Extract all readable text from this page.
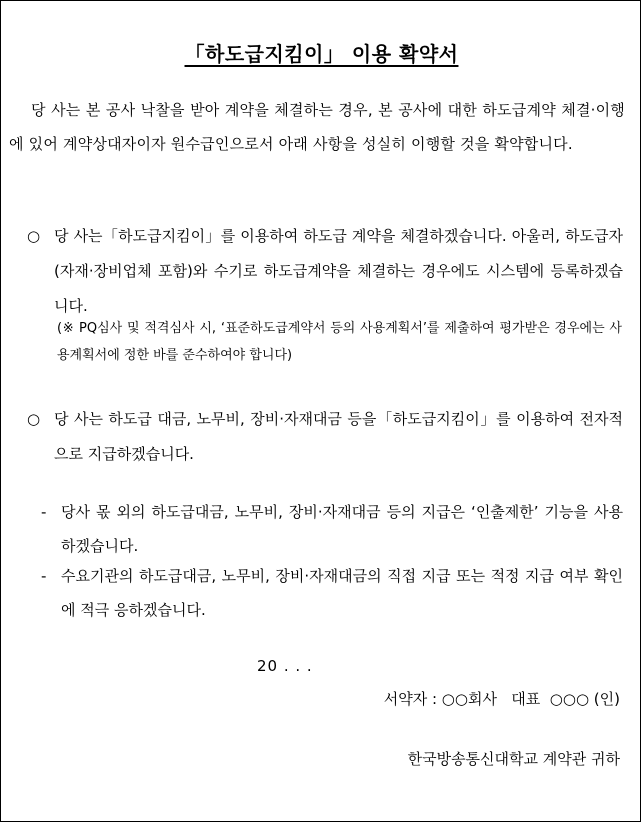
「하도급지킴이」 이용 확약서
당 사는 본 공사 낙찰을 받아 계약을 체결하는 경우, 본 공사에 대한 하도급계약 체결·이행에 있어 계약상대자이자 원수급인으로서 아래 사항을 성실히 이행할 것을 확약합니다.
○ 당 사는「하도급지킴이」를 이용하여 하도급 계약을 체결하겠습니다. 아울러, 하도급자(자재·장비업체 포함)와 수기로 하도급계약을 체결하는 경우에도 시스템에 등록하겠습니다.
(※ PQ심사 및 적격심사 시, ‘표준하도급계약서 등의 사용계획서’를 제출하여 평가받은 경우에는 사용계획서에 정한 바를 준수하여야 합니다)
○ 당 사는 하도급 대금, 노무비, 장비·자재대금 등을「하도급지킴이」를 이용하여 전자적으로 지급하겠습니다.
- 당사 몫 외의 하도급대금, 노무비, 장비·자재대금 등의 지급은 ‘인출제한’ 기능을 사용하겠습니다.
- 수요기관의 하도급대금, 노무비, 장비·자재대금의 직접 지급 또는 적정 지급 여부 확인에 적극 응하겠습니다.
20 . . .
서약자 : ○○회사   대표  ○○○ (인)
한국방송통신대학교 계약관 귀하
